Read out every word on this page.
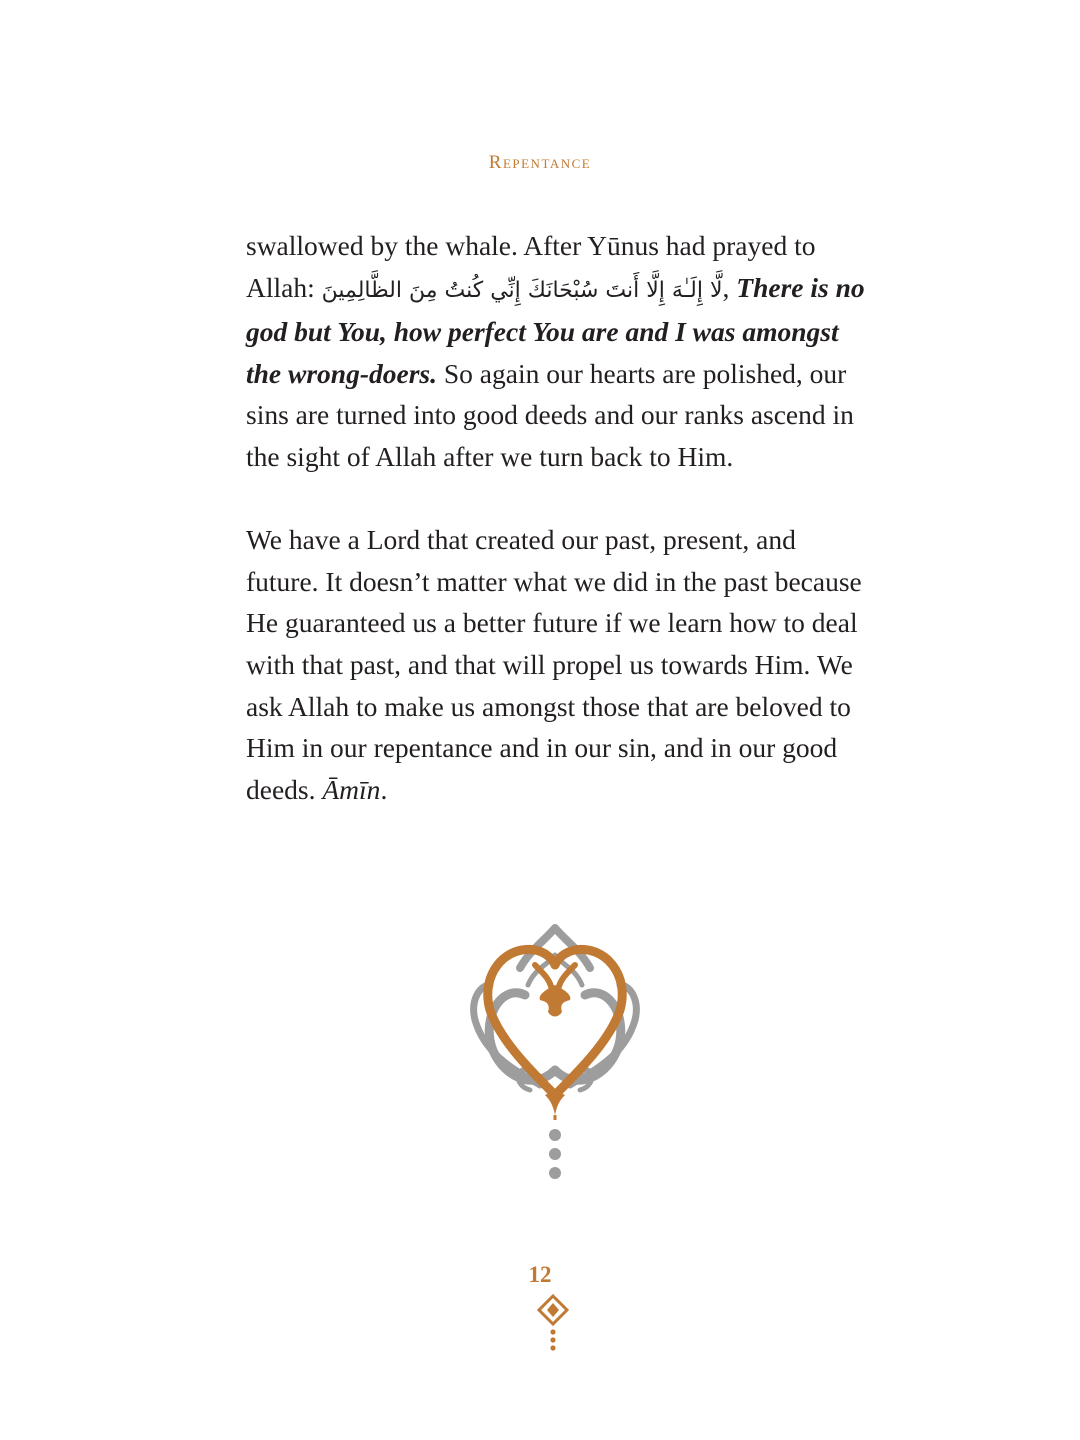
Repentance

swallowed by the whale. After Yūnus had prayed to Allah: لَّا إِلَـٰهَ إِلَّا أَنتَ سُبْحَانَكَ إِنِّي كُنتُ مِنَ الظَّالِمِينَ, There is no god but You, how perfect You are and I was amongst the wrong-doers. So again our hearts are polished, our sins are turned into good deeds and our ranks ascend in the sight of Allah after we turn back to Him.

We have a Lord that created our past, present, and future. It doesn’t matter what we did in the past because He guaranteed us a better future if we learn how to deal with that past, and that will propel us towards Him. We ask Allah to make us amongst those that are beloved to Him in our repentance and in our sin, and in our good deeds. Āmīn.

12
